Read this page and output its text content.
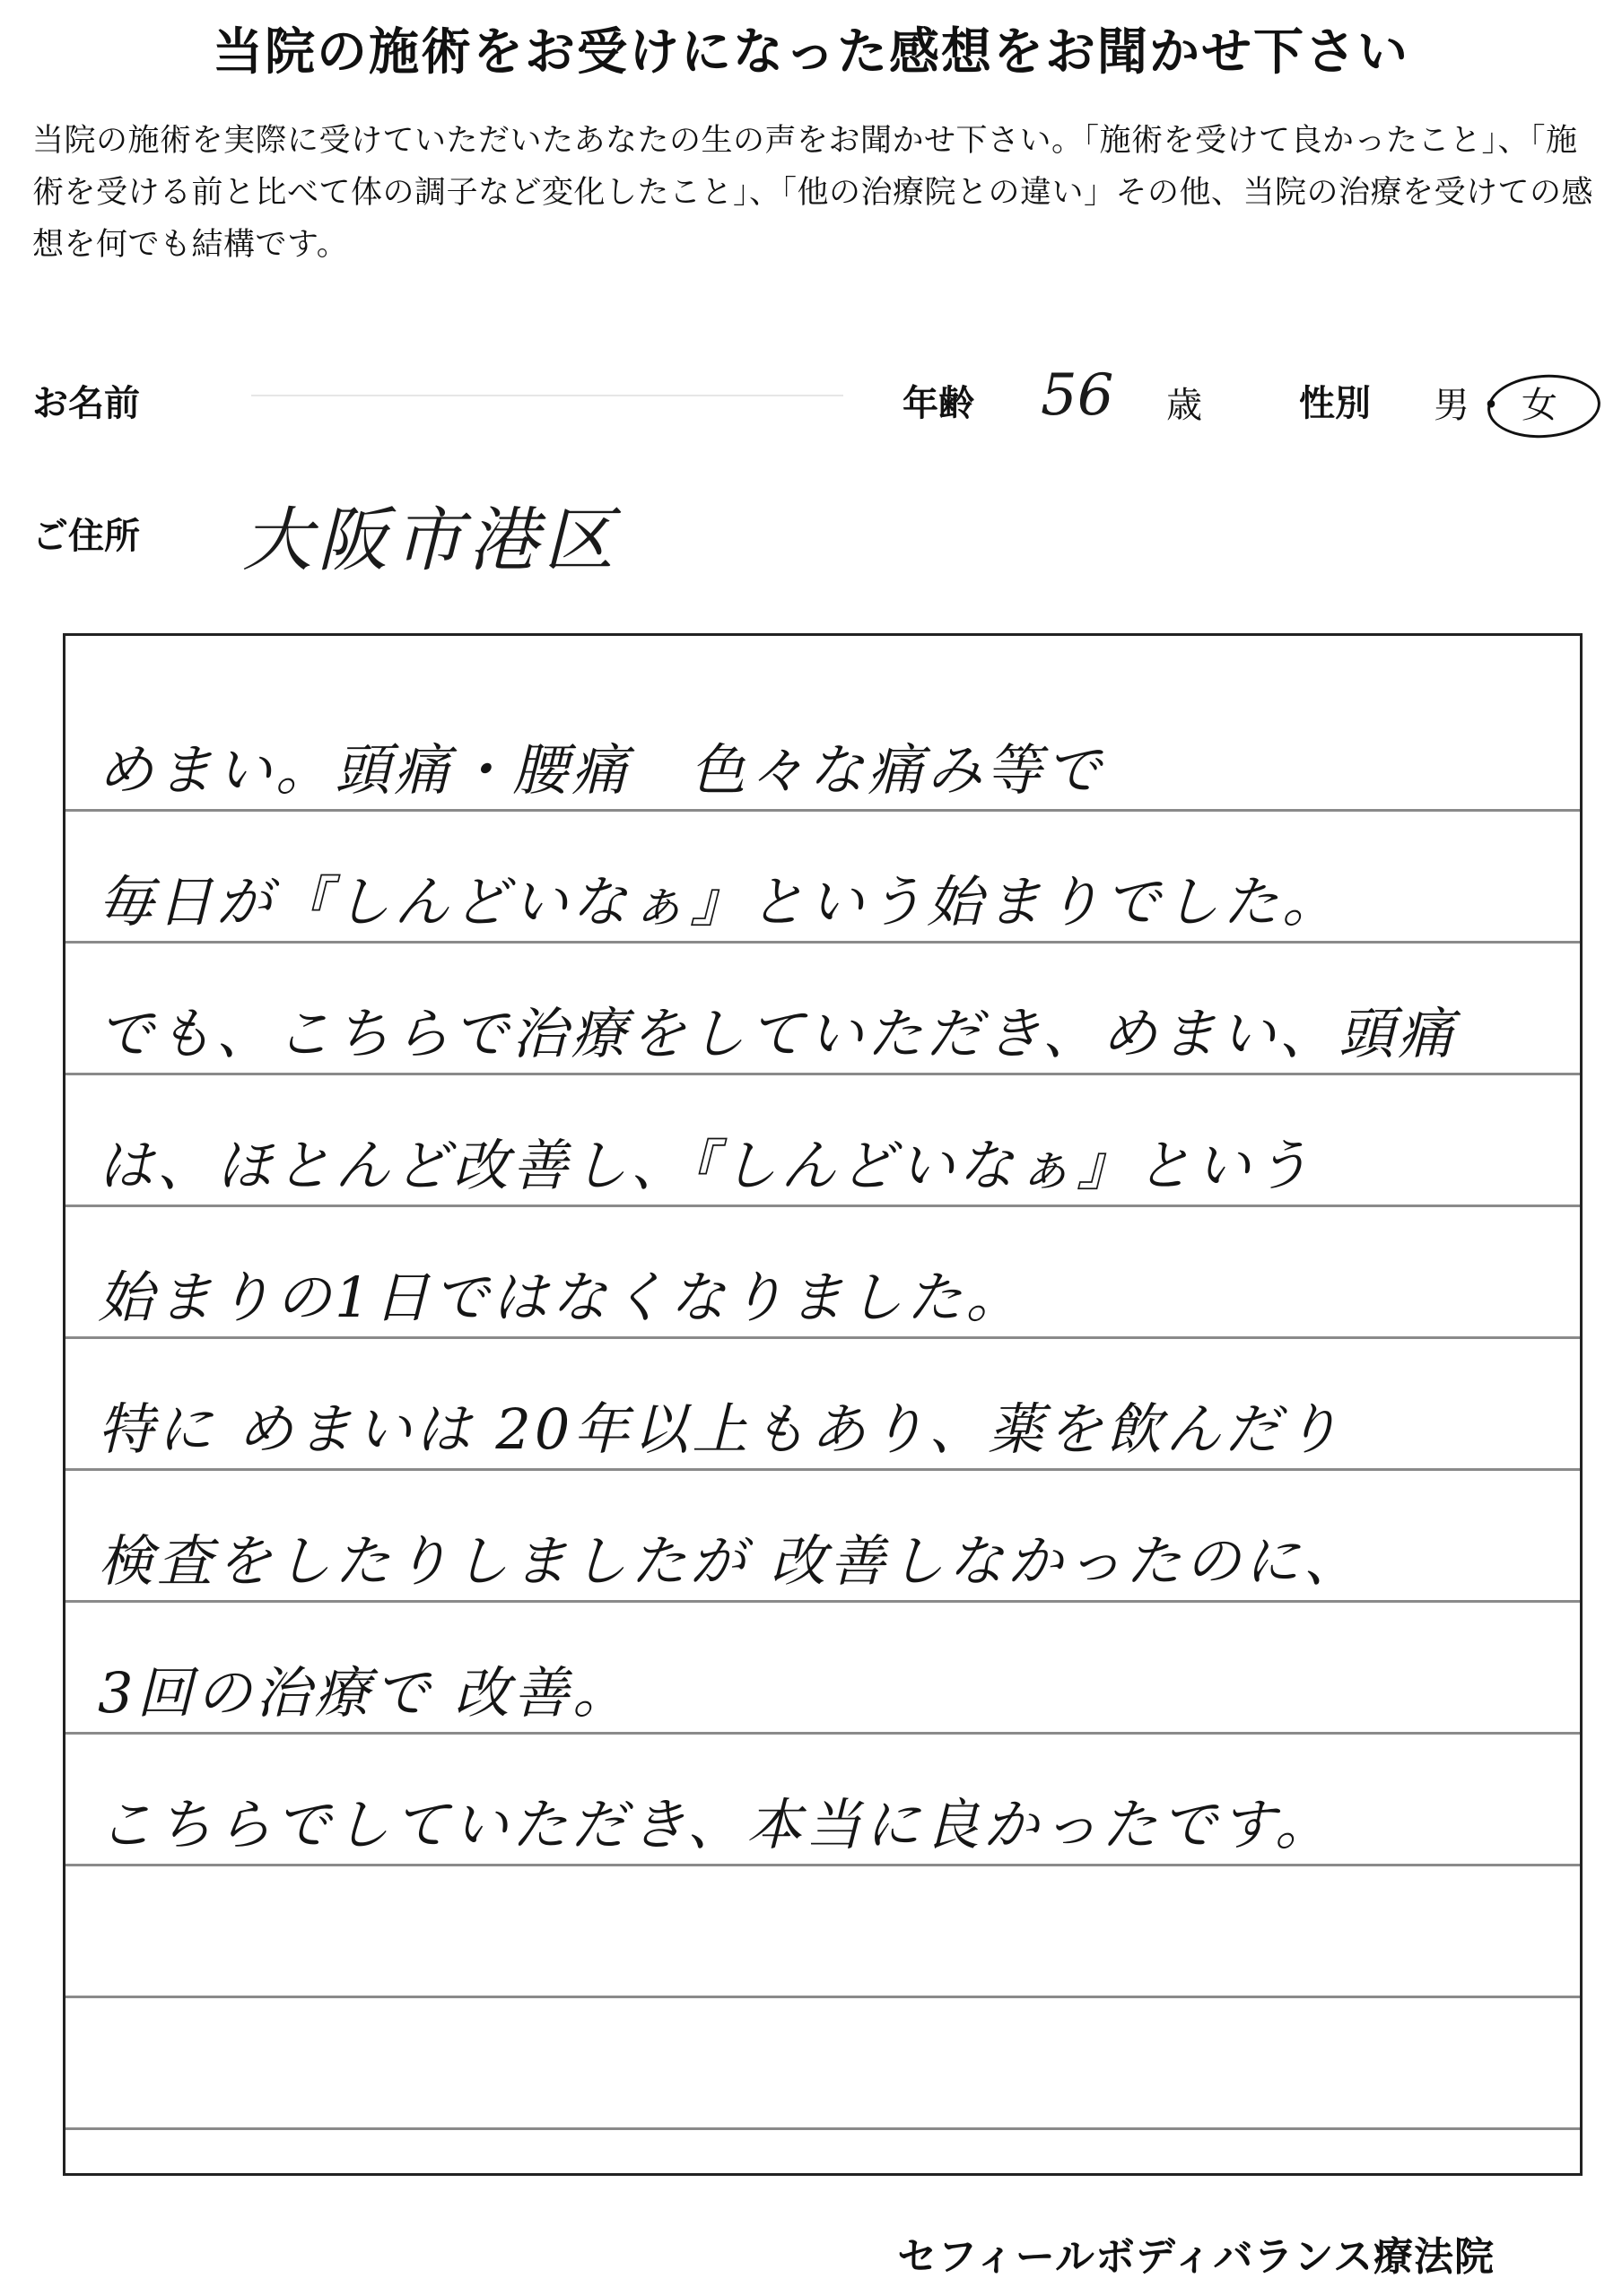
当院の施術をお受けになった感想をお聞かせ下さい
当院の施術を実際に受けていただいたあなたの生の声をお聞かせ下さい。「施術を受けて良かったこと」、「施術を受ける前と比べて体の調子など変化したこと」、「他の治療院との違い」その他、当院の治療を受けての感想を何でも結構です。
お名前	年齢 56 歳	性別 男 ・ 女
ご住所 大阪市港区
めまい。頭痛・腰痛　色々な痛み等で
毎日が『しんどいなぁ』という始まりでした。
でも、こちらで治療をしていただき、めまい、頭痛
は、ほとんど改善し、『しんどいなぁ』という
始まりの1日ではなくなりました。
特に めまいは 20年以上もあり、薬を飲んだり
検査をしたりしましたが 改善しなかったのに、
3回の治療で 改善。
こちらでしていただき、本当に良かったです。
セフィールボディバランス療法院
